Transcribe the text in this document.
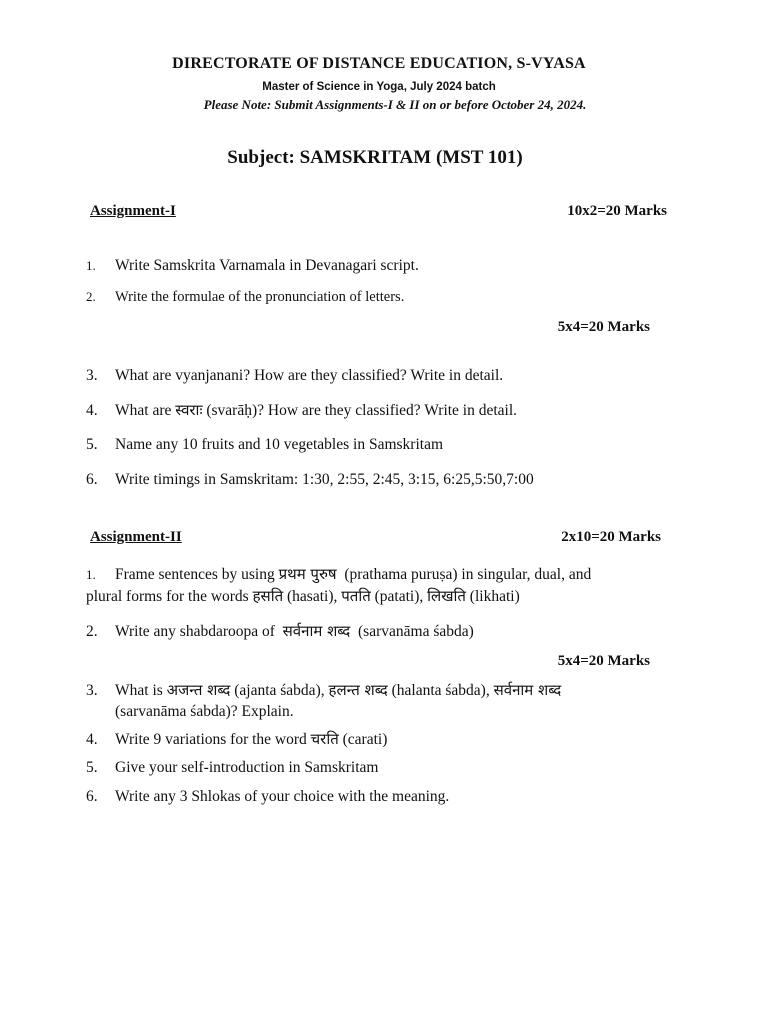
DIRECTORATE OF DISTANCE EDUCATION, S-VYASA
Master of Science in Yoga, July 2024 batch
Please Note: Submit Assignments-I & II on or before October 24, 2024.
Subject: SAMSKRITAM (MST 101)
Assignment-I	10x2=20 Marks
1. Write Samskrita Varnamala in Devanagari script.
2. Write the formulae of the pronunciation of letters.
5x4=20 Marks
3. What are vyanjanani? How are they classified? Write in detail.
4. What are स्वराः (svarāḥ)? How are they classified? Write in detail.
5. Name any 10 fruits and 10 vegetables in Samskritam
6. Write timings in Samskritam: 1:30, 2:55, 2:45, 3:15, 6:25,5:50,7:00
Assignment-II	2x10=20 Marks
1. Frame sentences by using प्रथम पुरुष  (prathama puruṣa) in singular, dual, and
plural forms for the words हसति (hasati), पतति (patati), लिखति (likhati)
2. Write any shabdaroopa of  सर्वनाम शब्द  (sarvanāma śabda)
5x4=20 Marks
3. What is अजन्त शब्द (ajanta śabda), हलन्त शब्द (halanta śabda), सर्वनाम शब्द
(sarvanāma śabda)? Explain.
4. Write 9 variations for the word चरति (carati)
5. Give your self-introduction in Samskritam
6. Write any 3 Shlokas of your choice with the meaning.
